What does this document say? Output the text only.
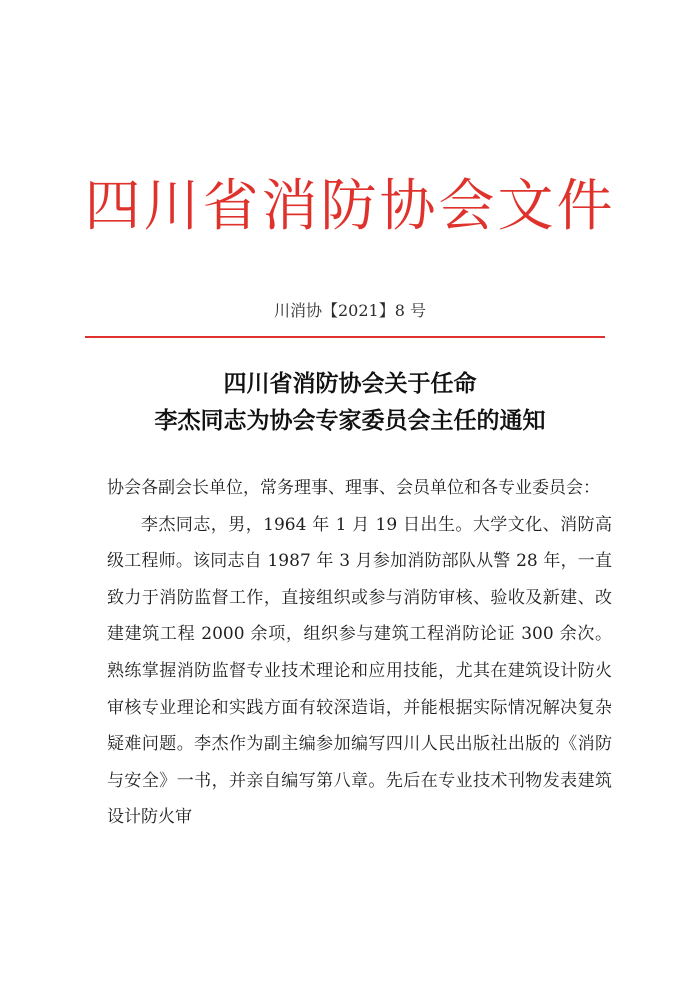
四川省消防协会文件
川消协【2021】8 号
四川省消防协会关于任命
李杰同志为协会专家委员会主任的通知

协会各副会长单位，常务理事、理事、会员单位和各专业委员会：

李杰同志，男，1964 年 1 月 19 日出生。大学文化、消防高级工程师。该同志自 1987 年 3 月参加消防部队从警 28 年，一直致力于消防监督工作，直接组织或参与消防审核、验收及新建、改建建筑工程 2000 余项，组织参与建筑工程消防论证 300 余次。熟练掌握消防监督专业技术理论和应用技能，尤其在建筑设计防火审核专业理论和实践方面有较深造诣，并能根据实际情况解决复杂疑难问题。李杰作为副主编参加编写四川人民出版社出版的《消防与安全》一书，并亲自编写第八章。先后在专业技术刊物发表建筑设计防火审
